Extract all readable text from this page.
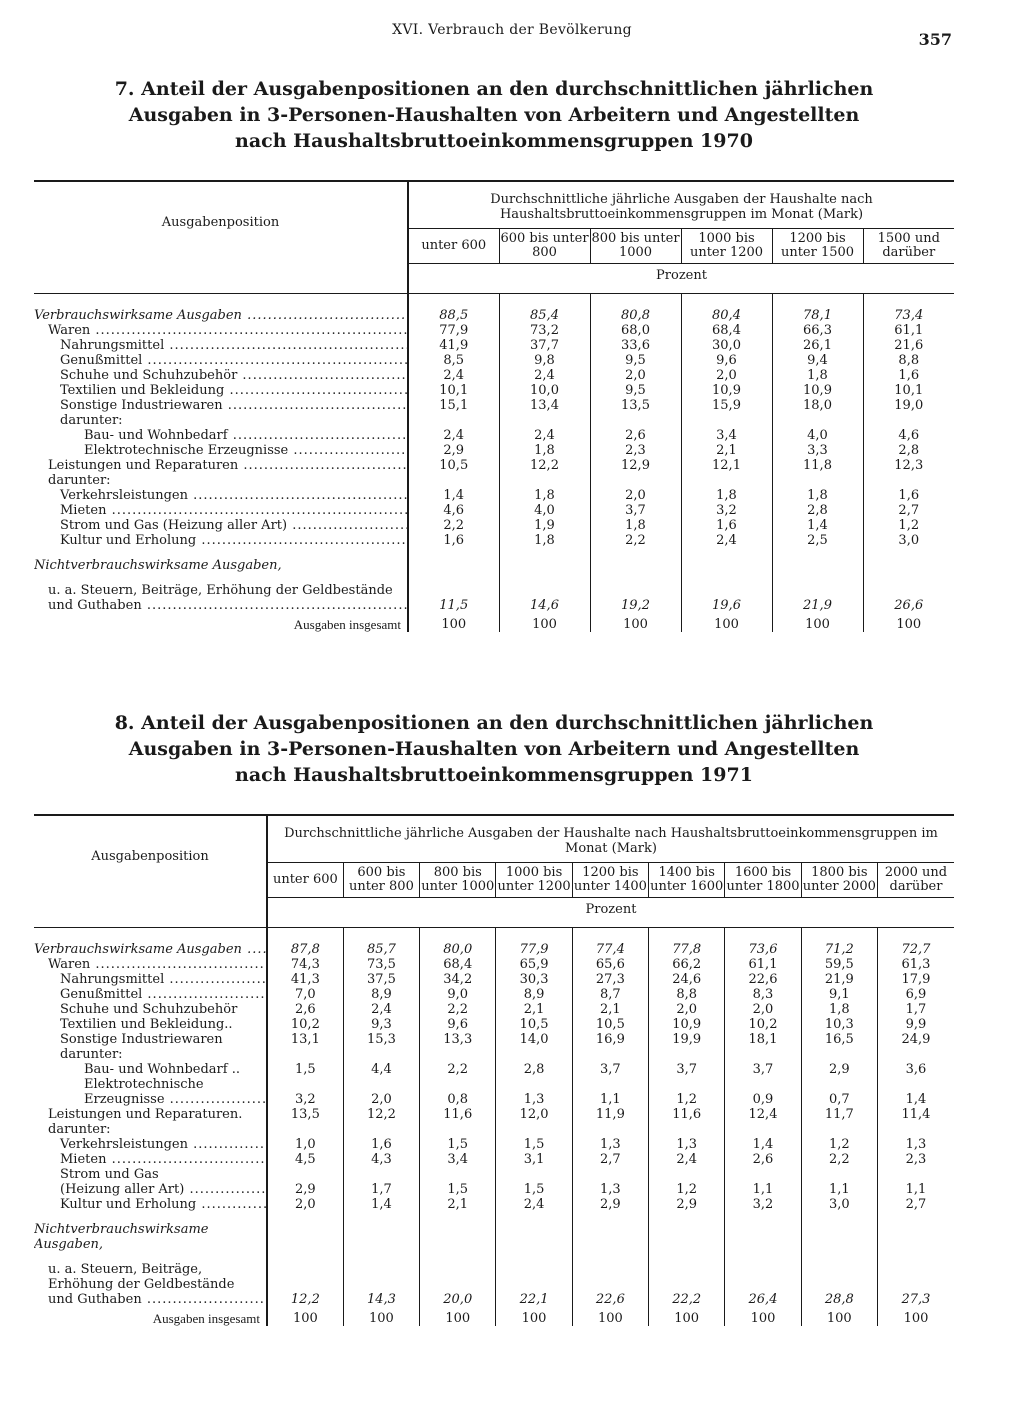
XVI. Verbrauch der Bevölkerung	357
7. Anteil der Ausgabenpositionen an den durchschnittlichen jährlichen Ausgaben in 3-Personen-Haushalten von Arbeitern und Angestellten nach Haushaltsbruttoeinkommensgruppen 1970
Ausgabenposition	Durchschnittliche jährliche Ausgaben der Haushalte nach Haushaltsbruttoeinkommensgruppen im Monat (Mark)					
	unter 600	600 bis unter 800	800 bis unter 1000	1000 bis unter 1200	1200 bis unter 1500	1500 und darüber
	Prozent					

Verbrauchswirksame Ausgaben .....	88,5	85,4	80,8	80,4	78,1	73,4
Waren .....	77,9	73,2	68,0	68,4	66,3	61,1
Nahrungsmittel .....	41,9	37,7	33,6	30,0	26,1	21,6
Genußmittel .....	8,5	9,8	9,5	9,6	9,4	8,8
Schuhe und Schuhzubehör .....	2,4	2,4	2,0	2,0	1,8	1,6
Textilien und Bekleidung .....	10,1	10,0	9,5	10,9	10,9	10,1
Sonstige Industriewaren .....	15,1	13,4	13,5	15,9	18,0	19,0
darunter:						
Bau- und Wohnbedarf .....	2,4	2,4	2,6	3,4	4,0	4,6
Elektrotechnische Erzeugnisse .....	2,9	1,8	2,3	2,1	3,3	2,8
Leistungen und Reparaturen .....	10,5	12,2	12,9	12,1	11,8	12,3
darunter:						
Verkehrsleistungen .....	1,4	1,8	2,0	1,8	1,8	1,6
Mieten .....	4,6	4,0	3,7	3,2	2,8	2,7
Strom und Gas (Heizung aller Art) .....	2,2	1,9	1,8	1,6	1,4	1,2
Kultur und Erholung .....	1,6	1,8	2,2	2,4	2,5	3,0

Nichtverbrauchswirksame Ausgaben,						

u. a. Steuern, Beiträge, Erhöhung der Geldbestände						
und Guthaben .....	11,5	14,6	19,2	19,6	21,9	26,6
Ausgaben insgesamt	100	100	100	100	100	100
8. Anteil der Ausgabenpositionen an den durchschnittlichen jährlichen Ausgaben in 3-Personen-Haushalten von Arbeitern und Angestellten nach Haushaltsbruttoeinkommensgruppen 1971
Ausgabenposition	Durchschnittliche jährliche Ausgaben der Haushalte nach Haushaltsbruttoeinkommensgruppen im Monat (Mark)								
	unter 600	600 bis unter 800	800 bis unter 1000	1000 bis unter 1200	1200 bis unter 1400	1400 bis unter 1600	1600 bis unter 1800	1800 bis unter 2000	2000 und darüber
	Prozent								

Verbrauchswirksame Ausgaben .....	87,8	85,7	80,0	77,9	77,4	77,8	73,6	71,2	72,7
Waren .....	74,3	73,5	68,4	65,9	65,6	66,2	61,1	59,5	61,3
Nahrungsmittel .....	41,3	37,5	34,2	30,3	27,3	24,6	22,6	21,9	17,9
Genußmittel .....	7,0	8,9	9,0	8,9	8,7	8,8	8,3	9,1	6,9
Schuhe und Schuhzubehör	2,6	2,4	2,2	2,1	2,1	2,0	2,0	1,8	1,7
Textilien und Bekleidung..	10,2	9,3	9,6	10,5	10,5	10,9	10,2	10,3	9,9
Sonstige Industriewaren	13,1	15,3	13,3	14,0	16,9	19,9	18,1	16,5	24,9
darunter:									
Bau- und Wohnbedarf ..	1,5	4,4	2,2	2,8	3,7	3,7	3,7	2,9	3,6
Elektrotechnische									
Erzeugnisse .....	3,2	2,0	0,8	1,3	1,1	1,2	0,9	0,7	1,4
Leistungen und Reparaturen.	13,5	12,2	11,6	12,0	11,9	11,6	12,4	11,7	11,4
darunter:									
Verkehrsleistungen .....	1,0	1,6	1,5	1,5	1,3	1,3	1,4	1,2	1,3
Mieten .....	4,5	4,3	3,4	3,1	2,7	2,4	2,6	2,2	2,3
Strom und Gas									
(Heizung aller Art) .....	2,9	1,7	1,5	1,5	1,3	1,2	1,1	1,1	1,1
Kultur und Erholung .....	2,0	1,4	2,1	2,4	2,9	2,9	3,2	3,0	2,7

Nichtverbrauchswirksame									
Ausgaben,									

u. a. Steuern, Beiträge,									
Erhöhung der Geldbestände									
und Guthaben .....	12,2	14,3	20,0	22,1	22,6	22,2	26,4	28,8	27,3
Ausgaben insgesamt	100	100	100	100	100	100	100	100	100
